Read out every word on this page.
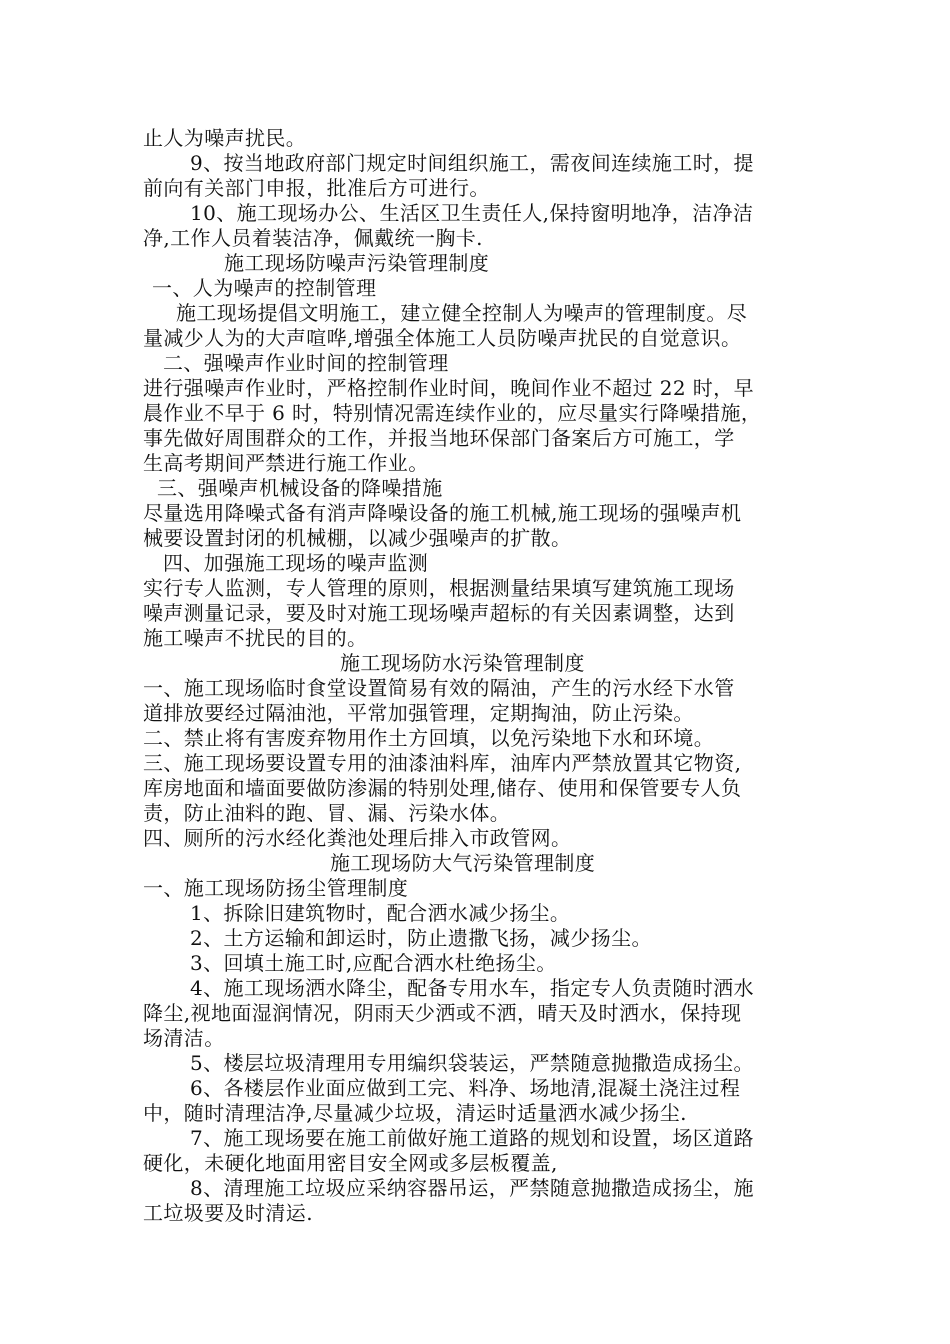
止人为噪声扰民。
9、按当地政府部门规定时间组织施工，需夜间连续施工时，提
前向有关部门申报，批准后方可进行。
10、施工现场办公、生活区卫生责任人,保持窗明地净，洁净洁
净,工作人员着装洁净，佩戴统一胸卡.
施工现场防噪声污染管理制度
一、人为噪声的控制管理
施工现场提倡文明施工，建立健全控制人为噪声的管理制度。尽
量减少人为的大声喧哗,增强全体施工人员防噪声扰民的自觉意识。
二、强噪声作业时间的控制管理
进行强噪声作业时，严格控制作业时间，晚间作业不超过 22 时，早
晨作业不早于 6 时，特别情况需连续作业的，应尽量实行降噪措施，
事先做好周围群众的工作，并报当地环保部门备案后方可施工，学
生高考期间严禁进行施工作业。
三、强噪声机械设备的降噪措施
尽量选用降噪式备有消声降噪设备的施工机械,施工现场的强噪声机
械要设置封闭的机械棚，以减少强噪声的扩散。
四、加强施工现场的噪声监测
实行专人监测，专人管理的原则，根据测量结果填写建筑施工现场
噪声测量记录，要及时对施工现场噪声超标的有关因素调整，达到
施工噪声不扰民的目的。
施工现场防水污染管理制度
一、施工现场临时食堂设置简易有效的隔油，产生的污水经下水管
道排放要经过隔油池，平常加强管理，定期掏油，防止污染。
二、禁止将有害废弃物用作土方回填，以免污染地下水和环境。
三、施工现场要设置专用的油漆油料库，油库内严禁放置其它物资,
库房地面和墙面要做防渗漏的特别处理,储存、使用和保管要专人负
责，防止油料的跑、冒、漏、污染水体。
四、厕所的污水经化粪池处理后排入市政管网。
施工现场防大气污染管理制度
一、施工现场防扬尘管理制度
1、拆除旧建筑物时，配合洒水减少扬尘。
2、土方运输和卸运时，防止遗撒飞扬，减少扬尘。
3、回填土施工时,应配合洒水杜绝扬尘。
4、施工现场洒水降尘，配备专用水车，指定专人负责随时洒水
降尘,视地面湿润情况，阴雨天少洒或不洒，晴天及时洒水，保持现
场清洁。
5、楼层垃圾清理用专用编织袋装运，严禁随意抛撒造成扬尘。
6、各楼层作业面应做到工完、料净、场地清,混凝土浇注过程
中，随时清理洁净,尽量减少垃圾，清运时适量洒水减少扬尘.
7、施工现场要在施工前做好施工道路的规划和设置，场区道路
硬化，未硬化地面用密目安全网或多层板覆盖,
8、清理施工垃圾应采纳容器吊运，严禁随意抛撒造成扬尘，施
工垃圾要及时清运.
